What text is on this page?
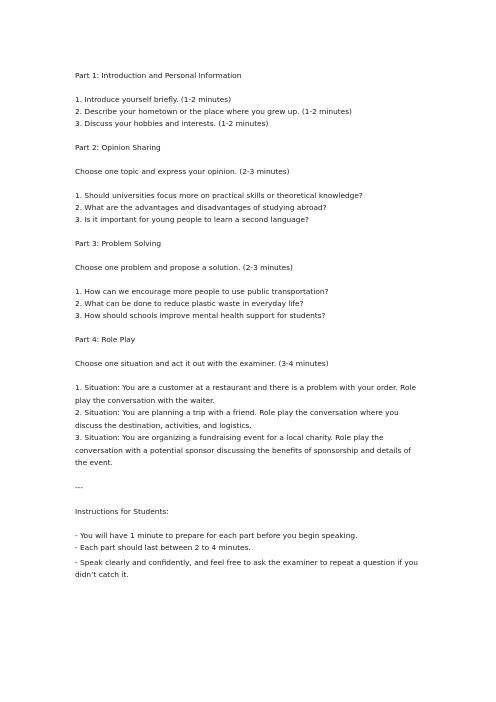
Part 1: Introduction and Personal Information

1. Introduce yourself briefly. (1-2 minutes)

2. Describe your hometown or the place where you grew up. (1-2 minutes)

3. Discuss your hobbies and interests. (1-2 minutes)

Part 2: Opinion Sharing

Choose one topic and express your opinion. (2-3 minutes)

1. Should universities focus more on practical skills or theoretical knowledge?

2. What are the advantages and disadvantages of studying abroad?

3. Is it important for young people to learn a second language?

Part 3: Problem Solving

Choose one problem and propose a solution. (2-3 minutes)

1. How can we encourage more people to use public transportation?

2. What can be done to reduce plastic waste in everyday life?

3. How should schools improve mental health support for students?

Part 4: Role Play

Choose one situation and act it out with the examiner. (3-4 minutes)

1. Situation: You are a customer at a restaurant and there is a problem with your order. Role play the conversation with the waiter.

2. Situation: You are planning a trip with a friend. Role play the conversation where you discuss the destination, activities, and logistics.

3. Situation: You are organizing a fundraising event for a local charity. Role play the conversation with a potential sponsor discussing the benefits of sponsorship and details of the event.

---

Instructions for Students:

- You will have 1 minute to prepare for each part before you begin speaking.

- Each part should last between 2 to 4 minutes.

- Speak clearly and confidently, and feel free to ask the examiner to repeat a question if you didn’t catch it.
